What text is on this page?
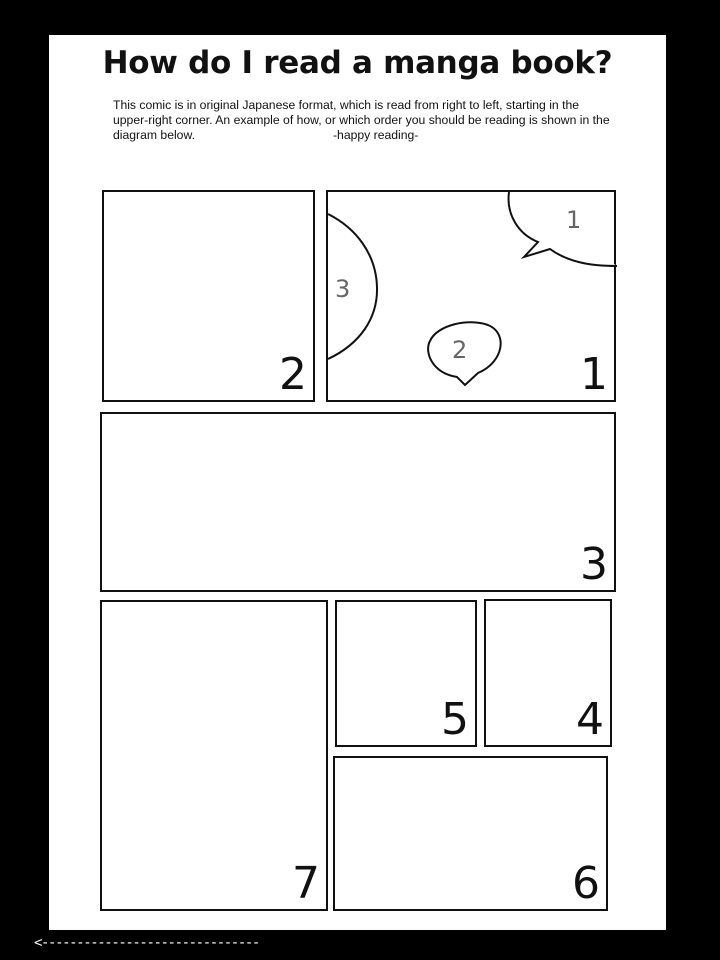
How do I read a manga book?

This comic is in original Japanese format, which is read from right to left, starting in the upper-right corner. An example of how, or which order you should be reading is shown in the diagram below.	-happy reading-

1
2
3
1
2
3
4
5
6
7

<-------------------------------
